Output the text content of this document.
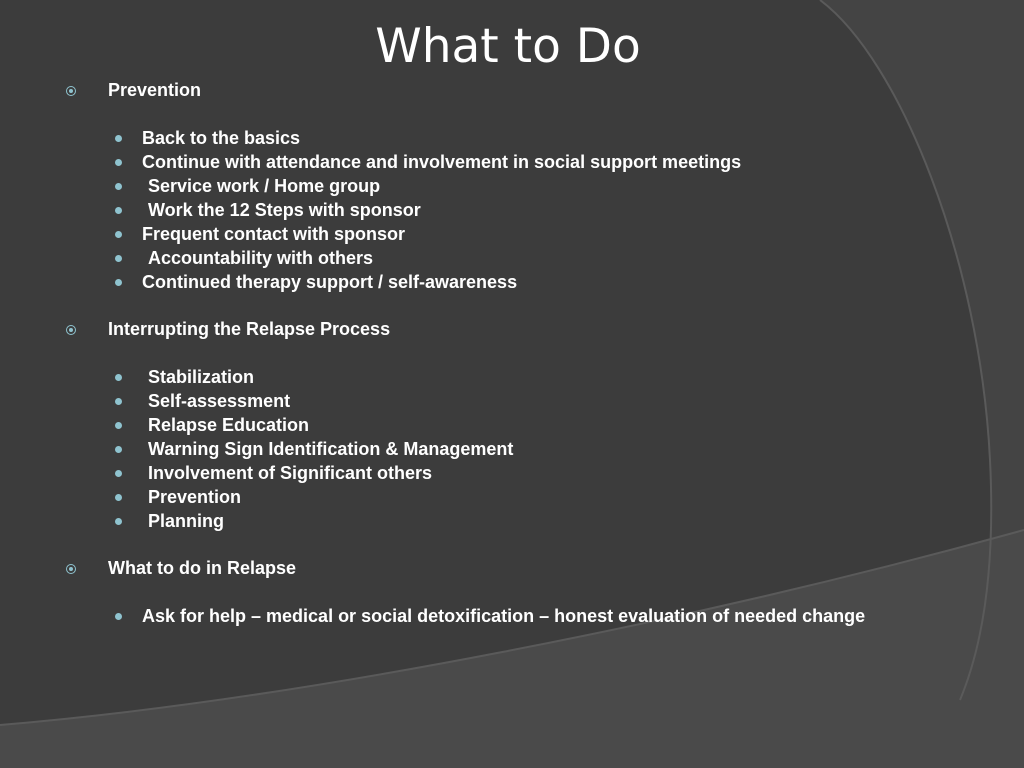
What to Do
Prevention
Back to the basics
Continue with attendance and involvement in social support meetings
Service work / Home group
Work the 12 Steps with sponsor
Frequent contact with sponsor
Accountability with others
Continued therapy support / self-awareness
Interrupting the Relapse Process
Stabilization
Self-assessment
Relapse Education
Warning Sign Identification & Management
Involvement of Significant others
Prevention
Planning
What to do in Relapse
Ask for help – medical or social detoxification – honest evaluation of needed change
